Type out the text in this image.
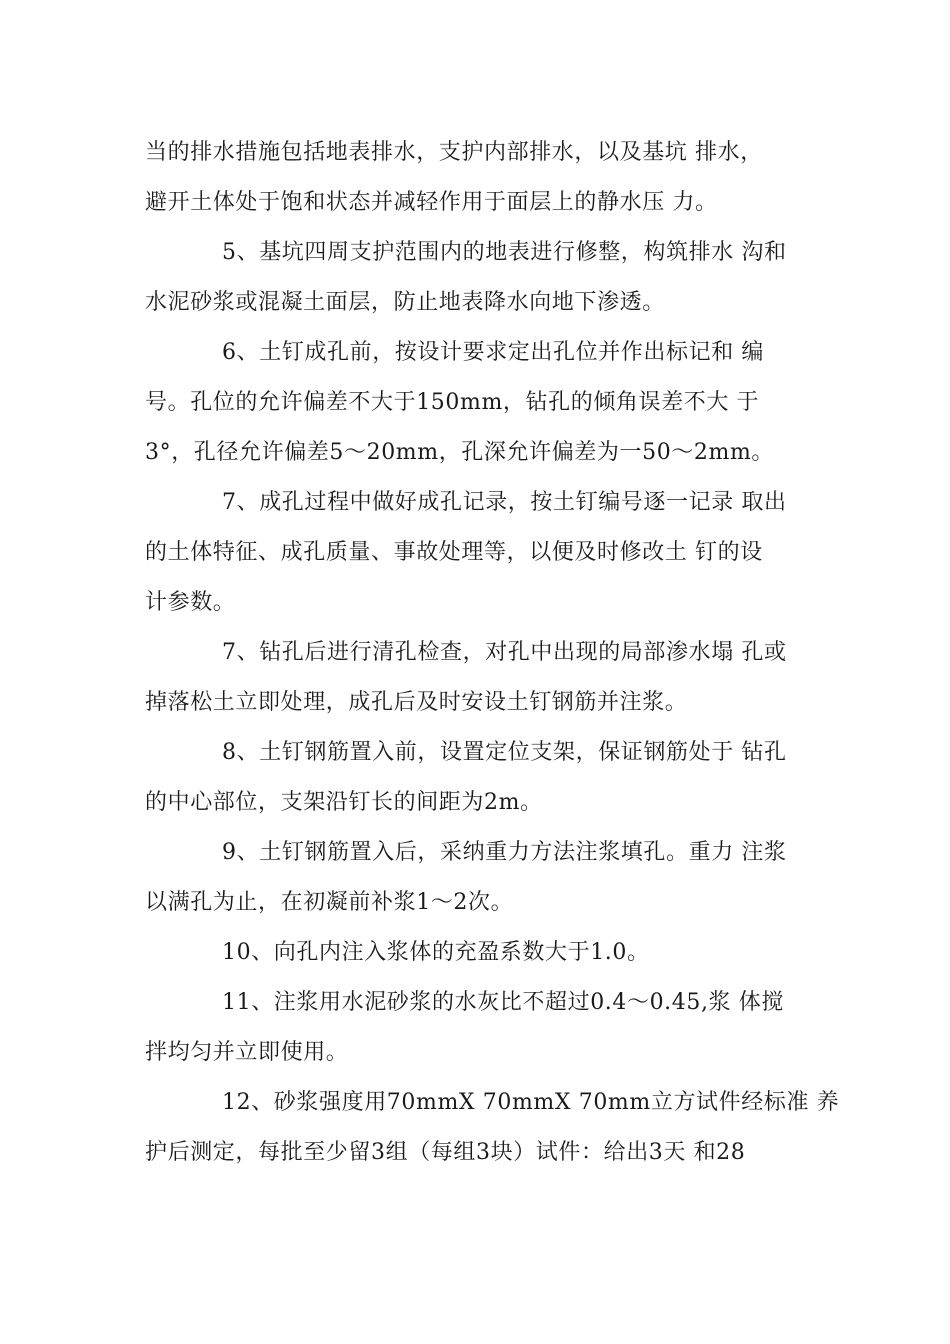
当的排水措施包括地表排水，支护内部排水，以及基坑 排水，
避开土体处于饱和状态并减轻作用于面层上的静水压 力。
5、基坑四周支护范围内的地表进行修整，构筑排水 沟和
水泥砂浆或混凝土面层，防止地表降水向地下渗透。
6、土钉成孔前，按设计要求定出孔位并作出标记和 编
号。孔位的允许偏差不大于150mm，钻孔的倾角误差不大 于
3°，孔径允许偏差5〜20mm，孔深允许偏差为一50〜2mm。
7、成孔过程中做好成孔记录，按土钉编号逐一记录 取出
的土体特征、成孔质量、事故处理等，以便及时修改土 钉的设
计参数。
7、钻孔后进行清孔检查，对孔中出现的局部渗水塌 孔或
掉落松土立即处理，成孔后及时安设土钉钢筋并注浆。
8、土钉钢筋置入前，设置定位支架，保证钢筋处于 钻孔
的中心部位，支架沿钉长的间距为2m。
9、土钉钢筋置入后，采纳重力方法注浆填孔。重力 注浆
以满孔为止，在初凝前补浆1〜2次。
10、向孔内注入浆体的充盈系数大于1.0。
11、注浆用水泥砂浆的水灰比不超过0.4〜0.45,浆 体搅
拌均匀并立即使用。
12、砂浆强度用70mmX 70mmX 70mm立方试件经标准 养
护后测定，每批至少留3组（每组3块）试件：给出3天 和28
